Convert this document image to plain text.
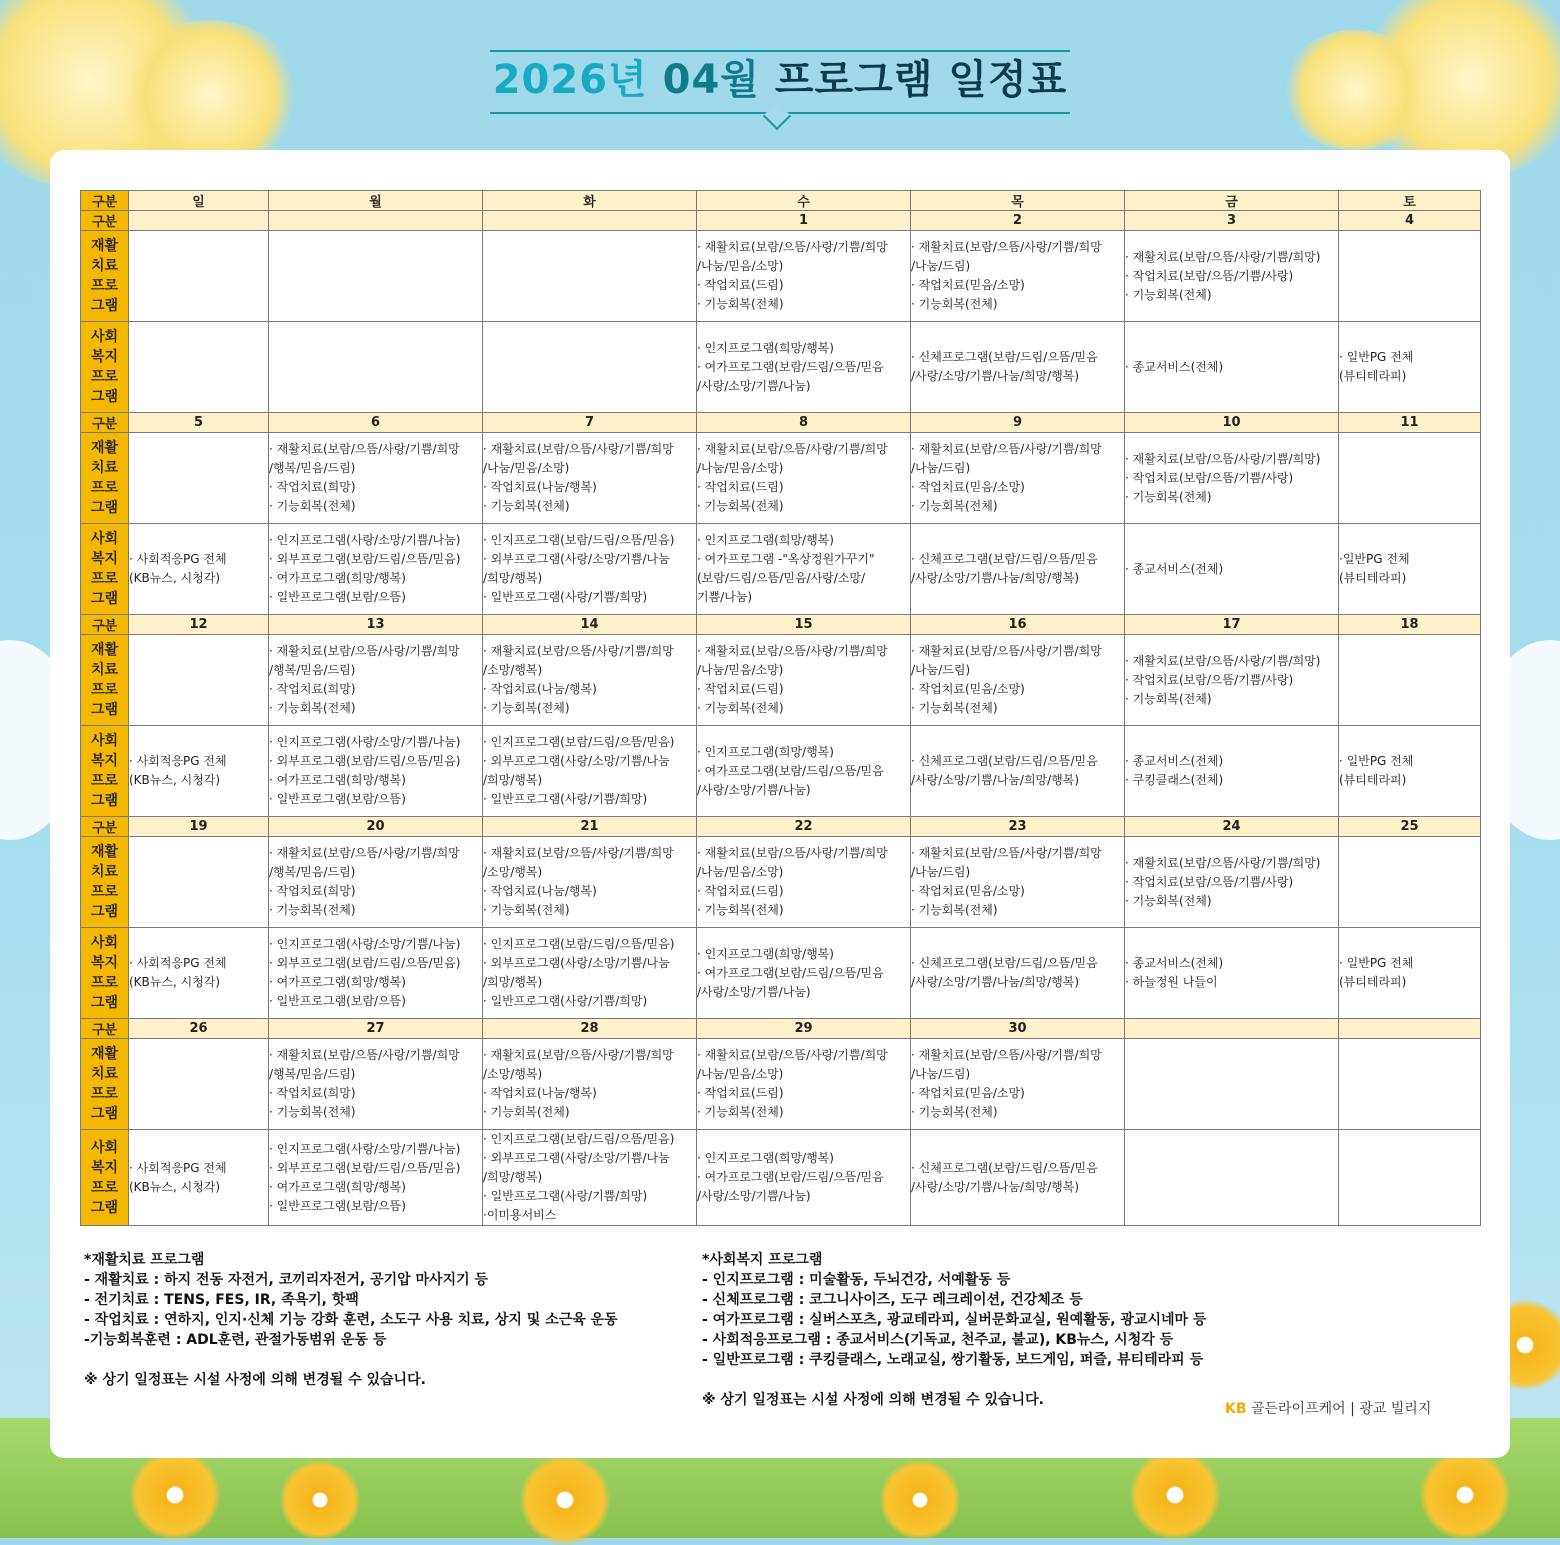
2026년 04월 프로그램 일정표
구분	일	월	화	수	목	금	토
구분				1	2	3	4
재활
치료
프로
그램				· 재활치료(보람/으뜸/사랑/기쁨/희망
/나눔/믿음/소망)
· 작업치료(드림)
· 기능회복(전체)	· 재활치료(보람/으뜸/사랑/기쁨/희망
/나눔/드림)
· 작업치료(믿음/소망)
· 기능회복(전체)	· 재활치료(보람/으뜸/사랑/기쁨/희망)
· 작업치료(보람/으뜸/기쁨/사랑)
· 기능회복(전체)	
사회
복지
프로
그램				· 인지프로그램(희망/행복)
· 여가프로그램(보람/드림/으뜸/믿음
/사랑/소망/기쁨/나눔)	· 신체프로그램(보람/드림/으뜸/믿음
/사랑/소망/기쁨/나눔/희망/행복)	· 종교서비스(전체)	· 일반PG 전체
(뷰티테라피)
구분	5	6	7	8	9	10	11
재활
치료
프로
그램		· 재활치료(보람/으뜸/사랑/기쁨/희망
/행복/믿음/드림)
· 작업치료(희망)
· 기능회복(전체)	· 재활치료(보람/으뜸/사랑/기쁨/희망
/나눔/믿음/소망)
· 작업치료(나눔/행복)
· 기능회복(전체)	· 재활치료(보람/으뜸/사랑/기쁨/희망
/나눔/믿음/소망)
· 작업치료(드림)
· 기능회복(전체)	· 재활치료(보람/으뜸/사랑/기쁨/희망
/나눔/드림)
· 작업치료(믿음/소망)
· 기능회복(전체)	· 재활치료(보람/으뜸/사랑/기쁨/희망)
· 작업치료(보람/으뜸/기쁨/사랑)
· 기능회복(전체)	
사회
복지
프로
그램	· 사회적응PG 전체
(KB뉴스, 시청각)	· 인지프로그램(사랑/소망/기쁨/나눔)
· 외부프로그램(보람/드림/으뜸/믿음)
· 여가프로그램(희망/행복)
· 일반프로그램(보람/으뜸)	· 인지프로그램(보람/드림/으뜸/믿음)
· 외부프로그램(사랑/소망/기쁨/나눔
/희망/행복)
· 일반프로그램(사랑/기쁨/희망)	· 인지프로그램(희망/행복)
· 여가프로그램 -"옥상정원가꾸기"
(보람/드림/으뜸/믿음/사랑/소망/
기쁨/나눔)	· 신체프로그램(보람/드림/으뜸/믿음
/사랑/소망/기쁨/나눔/희망/행복)	· 종교서비스(전체)	·일반PG 전체
(뷰티테라피)
구분	12	13	14	15	16	17	18
재활
치료
프로
그램		· 재활치료(보람/으뜸/사랑/기쁨/희망
/행복/믿음/드림)
· 작업치료(희망)
· 기능회복(전체)	· 재활치료(보람/으뜸/사랑/기쁨/희망
/소망/행복)
· 작업치료(나눔/행복)
· 기능회복(전체)	· 재활치료(보람/으뜸/사랑/기쁨/희망
/나눔/믿음/소망)
· 작업치료(드림)
· 기능회복(전체)	· 재활치료(보람/으뜸/사랑/기쁨/희망
/나눔/드림)
· 작업치료(믿음/소망)
· 기능회복(전체)	· 재활치료(보람/으뜸/사랑/기쁨/희망)
· 작업치료(보람/으뜸/기쁨/사랑)
· 기능회복(전체)	
사회
복지
프로
그램	· 사회적응PG 전체
(KB뉴스, 시청각)	· 인지프로그램(사랑/소망/기쁨/나눔)
· 외부프로그램(보람/드림/으뜸/믿음)
· 여가프로그램(희망/행복)
· 일반프로그램(보람/으뜸)	· 인지프로그램(보람/드림/으뜸/믿음)
· 외부프로그램(사랑/소망/기쁨/나눔
/희망/행복)
· 일반프로그램(사랑/기쁨/희망)	· 인지프로그램(희망/행복)
· 여가프로그램(보람/드림/으뜸/믿음
/사랑/소망/기쁨/나눔)	· 신체프로그램(보람/드림/으뜸/믿음
/사랑/소망/기쁨/나눔/희망/행복)	· 종교서비스(전체)
· 쿠킹클래스(전체)	· 일반PG 전체
(뷰티테라피)
구분	19	20	21	22	23	24	25
재활
치료
프로
그램		· 재활치료(보람/으뜸/사랑/기쁨/희망
/행복/믿음/드림)
· 작업치료(희망)
· 기능회복(전체)	· 재활치료(보람/으뜸/사랑/기쁨/희망
/소망/행복)
· 작업치료(나눔/행복)
· 기능회복(전체)	· 재활치료(보람/으뜸/사랑/기쁨/희망
/나눔/믿음/소망)
· 작업치료(드림)
· 기능회복(전체)	· 재활치료(보람/으뜸/사랑/기쁨/희망
/나눔/드림)
· 작업치료(믿음/소망)
· 기능회복(전체)	· 재활치료(보람/으뜸/사랑/기쁨/희망)
· 작업치료(보람/으뜸/기쁨/사랑)
· 기능회복(전체)	
사회
복지
프로
그램	· 사회적응PG 전체
(KB뉴스, 시청각)	· 인지프로그램(사랑/소망/기쁨/나눔)
· 외부프로그램(보람/드림/으뜸/믿음)
· 여가프로그램(희망/행복)
· 일반프로그램(보람/으뜸)	· 인지프로그램(보람/드림/으뜸/믿음)
· 외부프로그램(사랑/소망/기쁨/나눔
/희망/행복)
· 일반프로그램(사랑/기쁨/희망)	· 인지프로그램(희망/행복)
· 여가프로그램(보람/드림/으뜸/믿음
/사랑/소망/기쁨/나눔)	· 신체프로그램(보람/드림/으뜸/믿음
/사랑/소망/기쁨/나눔/희망/행복)	· 종교서비스(전체)
· 하늘정원 나들이	· 일반PG 전체
(뷰티테라피)
구분	26	27	28	29	30		
재활
치료
프로
그램		· 재활치료(보람/으뜸/사랑/기쁨/희망
/행복/믿음/드림)
· 작업치료(희망)
· 기능회복(전체)	· 재활치료(보람/으뜸/사랑/기쁨/희망
/소망/행복)
· 작업치료(나눔/행복)
· 기능회복(전체)	· 재활치료(보람/으뜸/사랑/기쁨/희망
/나눔/믿음/소망)
· 작업치료(드림)
· 기능회복(전체)	· 재활치료(보람/으뜸/사랑/기쁨/희망
/나눔/드림)
· 작업치료(믿음/소망)
· 기능회복(전체)		
사회
복지
프로
그램	· 사회적응PG 전체
(KB뉴스, 시청각)	· 인지프로그램(사랑/소망/기쁨/나눔)
· 외부프로그램(보람/드림/으뜸/믿음)
· 여가프로그램(희망/행복)
· 일반프로그램(보람/으뜸)	· 인지프로그램(보람/드림/으뜸/믿음)
· 외부프로그램(사랑/소망/기쁨/나눔
/희망/행복)
· 일반프로그램(사랑/기쁨/희망)
·이미용서비스	· 인지프로그램(희망/행복)
· 여가프로그램(보람/드림/으뜸/믿음
/사랑/소망/기쁨/나눔)	· 신체프로그램(보람/드림/으뜸/믿음
/사랑/소망/기쁨/나눔/희망/행복)		
*재활치료 프로그램
- 재활치료 : 하지 전동 자전거, 코끼리자전거, 공기압 마사지기 등
- 전기치료 : TENS, FES, IR, 족욕기, 핫팩
- 작업치료 : 연하지, 인지·신체 기능 강화 훈련, 소도구 사용 치료, 상지 및 소근육 운동
-기능회복훈련 : ADL훈련, 관절가동범위 운동 등

※ 상기 일정표는 시설 사정에 의해 변경될 수 있습니다.
*사회복지 프로그램
- 인지프로그램 : 미술활동, 두뇌건강, 서예활동 등
- 신체프로그램 : 코그니사이즈, 도구 레크레이션, 건강체조 등
- 여가프로그램 : 실버스포츠, 광교테라피, 실버문화교실, 원예활동, 광교시네마 등
- 사회적응프로그램 : 종교서비스(기독교, 천주교, 불교), KB뉴스, 시청각 등
- 일반프로그램 : 쿠킹클래스, 노래교실, 쌍기활동, 보드게임, 퍼즐, 뷰티테라피 등

※ 상기 일정표는 시설 사정에 의해 변경될 수 있습니다.
KB 골든라이프케어 | 광교 빌리지
